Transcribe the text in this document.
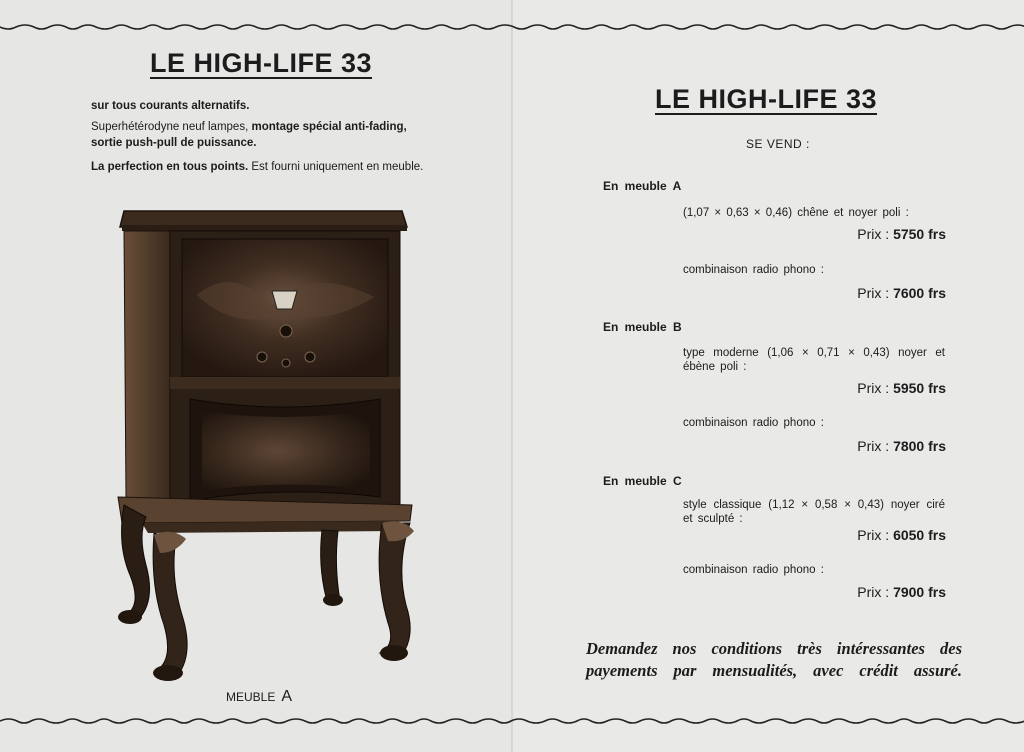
LE HIGH-LIFE 33
sur tous courants alternatifs.
Superhétérodyne neuf lampes, montage spécial anti-fading,
sortie push-pull de puissance.
La perfection en tous points. Est fourni uniquement en meuble.
MEUBLE A
LE HIGH-LIFE 33
SE VEND :
En meuble A
(1,07 × 0,63 × 0,46) chêne et noyer poli :
Prix : 5750 frs
combinaison radio phono :
Prix : 7600 frs
En meuble B
type moderne (1,06 × 0,71 × 0,43) noyer et ébène poli :
Prix : 5950 frs
combinaison radio phono :
Prix : 7800 frs
En meuble C
style classique (1,12 × 0,58 × 0,43) noyer ciré et sculpté :
Prix : 6050 frs
combinaison radio phono :
Prix : 7900 frs
Demandez nos conditions très intéressantes des payements par mensualités, avec crédit assuré.
